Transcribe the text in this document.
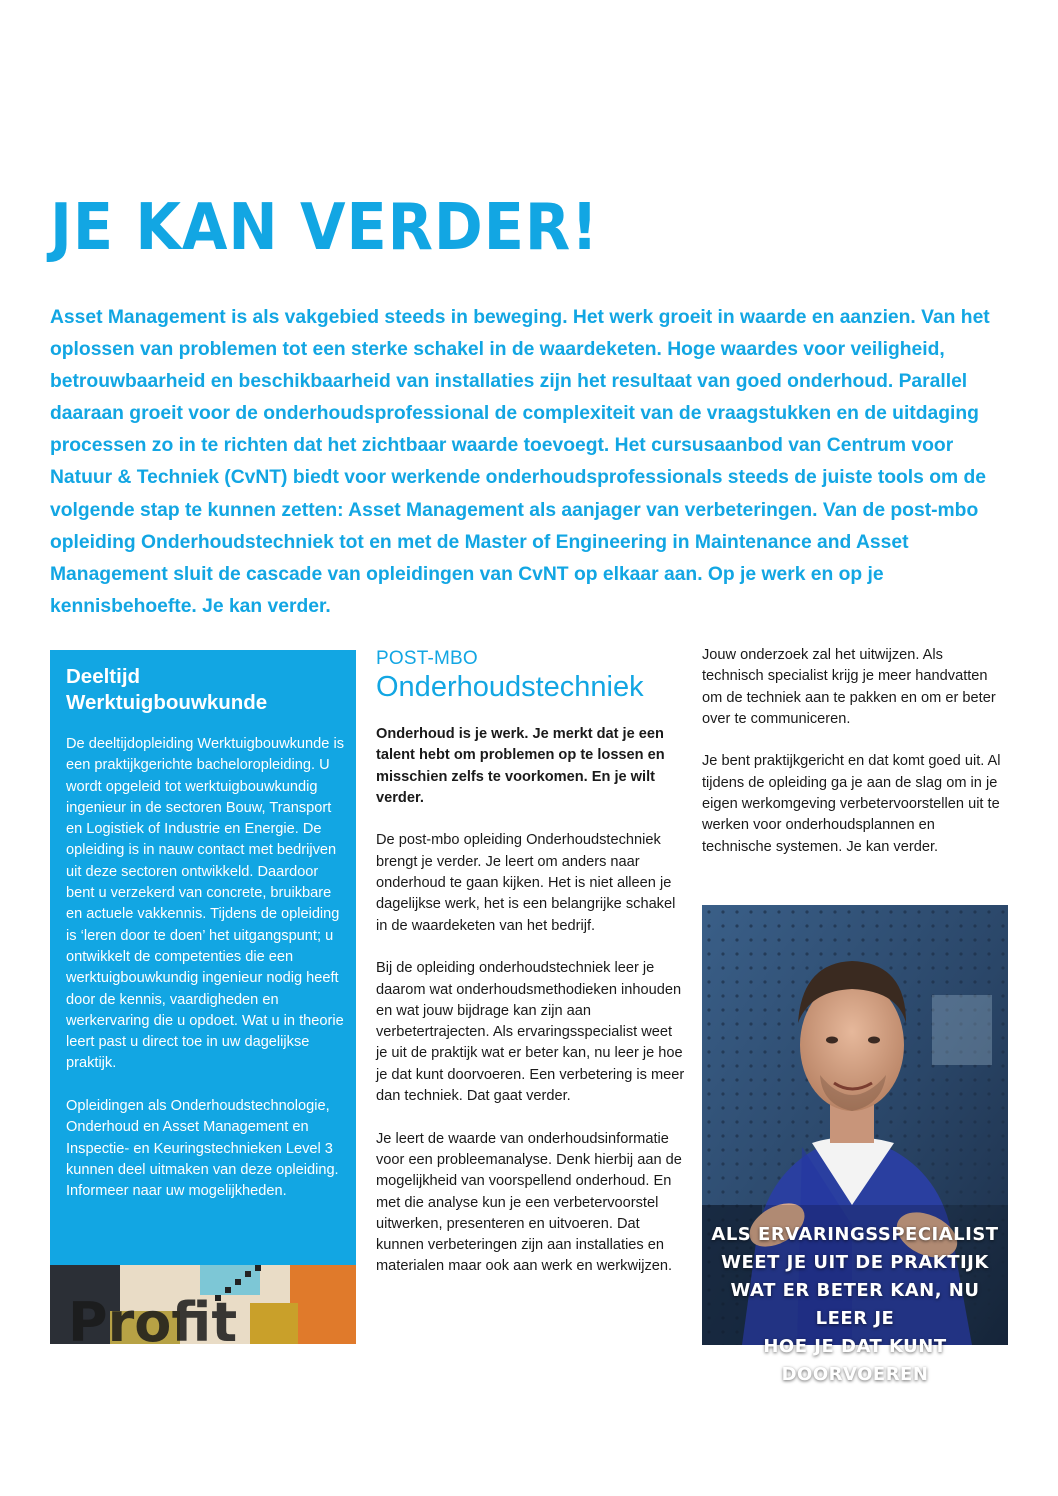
JE KAN VERDER!

Asset Management is als vakgebied steeds in beweging. Het werk groeit in waarde en aanzien. Van het oplossen van problemen tot een sterke schakel in de waardeketen. Hoge waardes voor veiligheid, betrouwbaarheid en beschikbaarheid van installaties zijn het resultaat van goed onderhoud. Parallel daaraan groeit voor de onderhoudsprofessional de complexiteit van de vraagstukken en de uitdaging processen zo in te richten dat het zichtbaar waarde toevoegt. Het cursusaanbod van Centrum voor Natuur & Techniek (CvNT) biedt voor werkende onderhoudsprofessionals steeds de juiste tools om de volgende stap te kunnen zetten: Asset Management als aanjager van verbeteringen. Van de post-mbo opleiding Onderhoudstechniek tot en met de Master of Engineering in Maintenance and Asset Management sluit de cascade van opleidingen van CvNT op elkaar aan. Op je werk en op je kennisbehoefte. Je kan verder.

Deeltijd Werktuigbouwkunde

De deeltijdopleiding Werktuigbouwkunde is een praktijkgerichte bacheloropleiding. U wordt opgeleid tot werktuigbouwkundig ingenieur in de sectoren Bouw, Transport en Logistiek of Industrie en Energie. De opleiding is in nauw contact met bedrijven uit deze sectoren ontwikkeld. Daardoor bent u verzekerd van concrete, bruikbare en actuele vakkennis. Tijdens de opleiding is ‘leren door te doen’ het uitgangspunt; u ontwikkelt de competenties die een werktuigbouwkundig ingenieur nodig heeft door de kennis, vaardigheden en werkervaring die u opdoet. Wat u in theorie leert past u direct toe in uw dagelijkse praktijk.

Opleidingen als Onderhoudstechnologie, Onderhoud en Asset Management en Inspectie- en Keuringstechnieken Level 3 kunnen deel uitmaken van deze opleiding. Informeer naar uw mogelijkheden.

Profit
POST-MBO
Onderhoudstechniek

Onderhoud is je werk. Je merkt dat je een talent hebt om problemen op te lossen en misschien zelfs te voorkomen. En je wilt verder.

De post-mbo opleiding Onderhoudstechniek brengt je verder. Je leert om anders naar onderhoud te gaan kijken. Het is niet alleen je dagelijkse werk, het is een belangrijke schakel in de waardeketen van het bedrijf.

Bij de opleiding onderhoudstechniek leer je daarom wat onderhoudsmethodieken inhouden en wat jouw bijdrage kan zijn aan verbetertrajecten. Als ervaringsspecialist weet je uit de praktijk wat er beter kan, nu leer je hoe je dat kunt doorvoeren. Een verbetering is meer dan techniek. Dat gaat verder.

Je leert de waarde van onderhoudsinformatie voor een probleemanalyse. Denk hierbij aan de mogelijkheid van voorspellend onderhoud. En met die analyse kun je een verbetervoorstel uitwerken, presenteren en uitvoeren. Dat kunnen verbeteringen zijn aan installaties en materialen maar ook aan werk en werkwijzen.

Jouw onderzoek zal het uitwijzen. Als technisch specialist krijg je meer handvatten om de techniek aan te pakken en om er beter over te communiceren.

Je bent praktijkgericht en dat komt goed uit. Al tijdens de opleiding ga je aan de slag om in je eigen werkomgeving verbetervoorstellen uit te werken voor onderhoudsplannen en technische systemen. Je kan verder.

ALS ERVARINGSSPECIALIST
WEET JE UIT DE PRAKTIJK
WAT ER BETER KAN, NU LEER JE
HOE JE DAT KUNT DOORVOEREN
